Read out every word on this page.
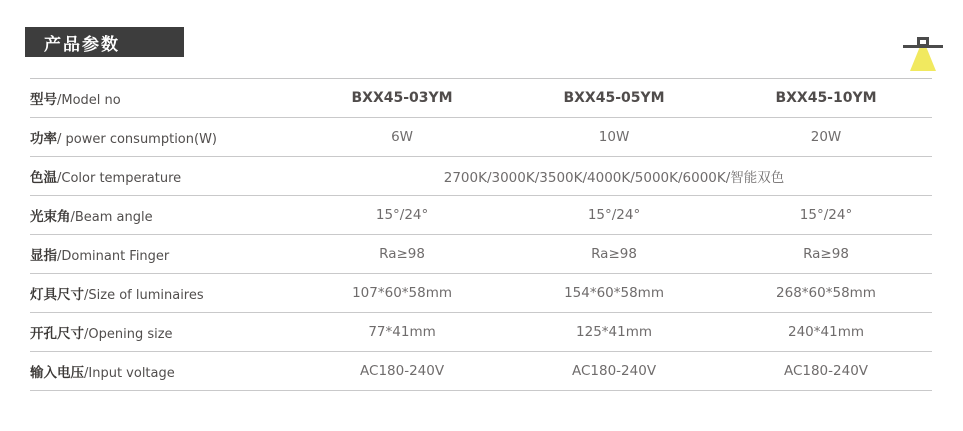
产品参数
型号/Model no	BXX45-03YM	BXX45-05YM	BXX45-10YM
功率/ power consumption(W)	6W	10W	20W
色温/Color temperature	2700K/3000K/3500K/4000K/5000K/6000K/智能双色
光束角/Beam angle	15°/24°	15°/24°	15°/24°
显指/Dominant Finger	Ra≥98	Ra≥98	Ra≥98
灯具尺寸/Size of luminaires	107*60*58mm	154*60*58mm	268*60*58mm
开孔尺寸/Opening size	77*41mm	125*41mm	240*41mm
输入电压/Input voltage	AC180-240V	AC180-240V	AC180-240V
